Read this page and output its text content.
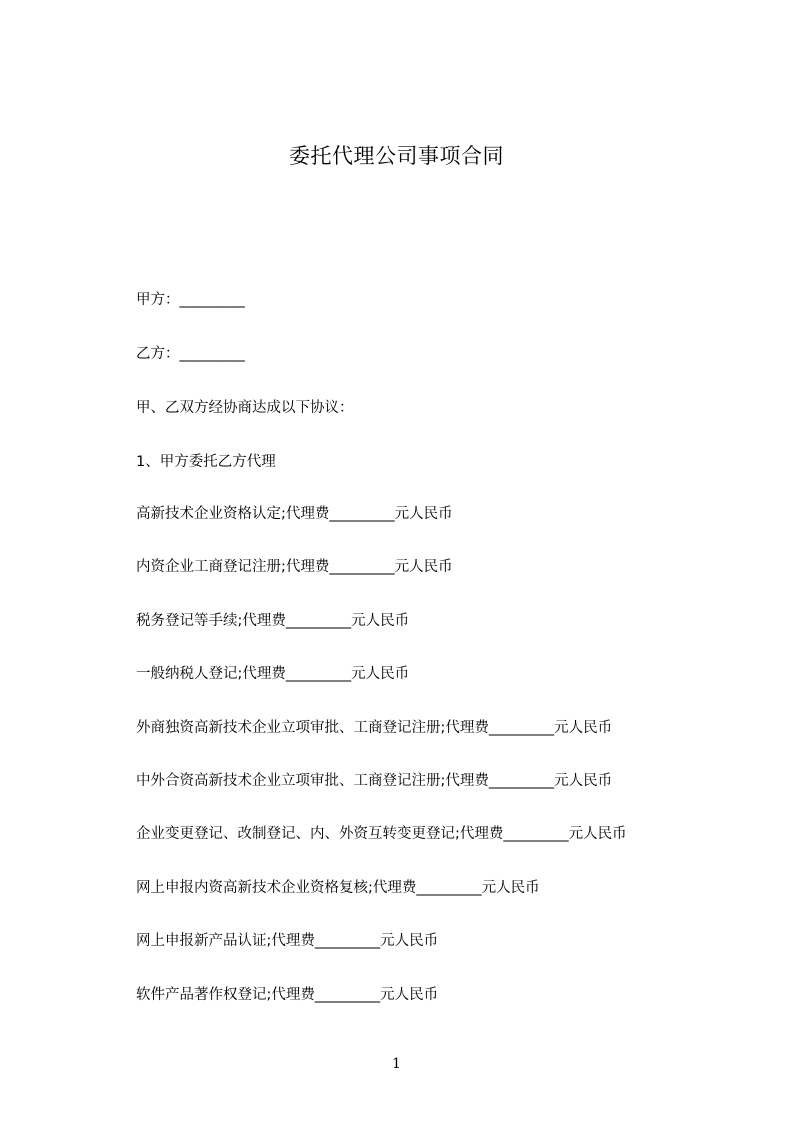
委托代理公司事项合同
甲方：_________
乙方：_________
甲、乙双方经协商达成以下协议：
1、甲方委托乙方代理
高新技术企业资格认定;代理费_________元人民币
内资企业工商登记注册;代理费_________元人民币
税务登记等手续;代理费_________元人民币
一般纳税人登记;代理费_________元人民币
外商独资高新技术企业立项审批、工商登记注册;代理费_________元人民币
中外合资高新技术企业立项审批、工商登记注册;代理费_________元人民币
企业变更登记、改制登记、内、外资互转变更登记;代理费_________元人民币
网上申报内资高新技术企业资格复核;代理费_________元人民币
网上申报新产品认证;代理费_________元人民币
软件产品著作权登记;代理费_________元人民币
1
